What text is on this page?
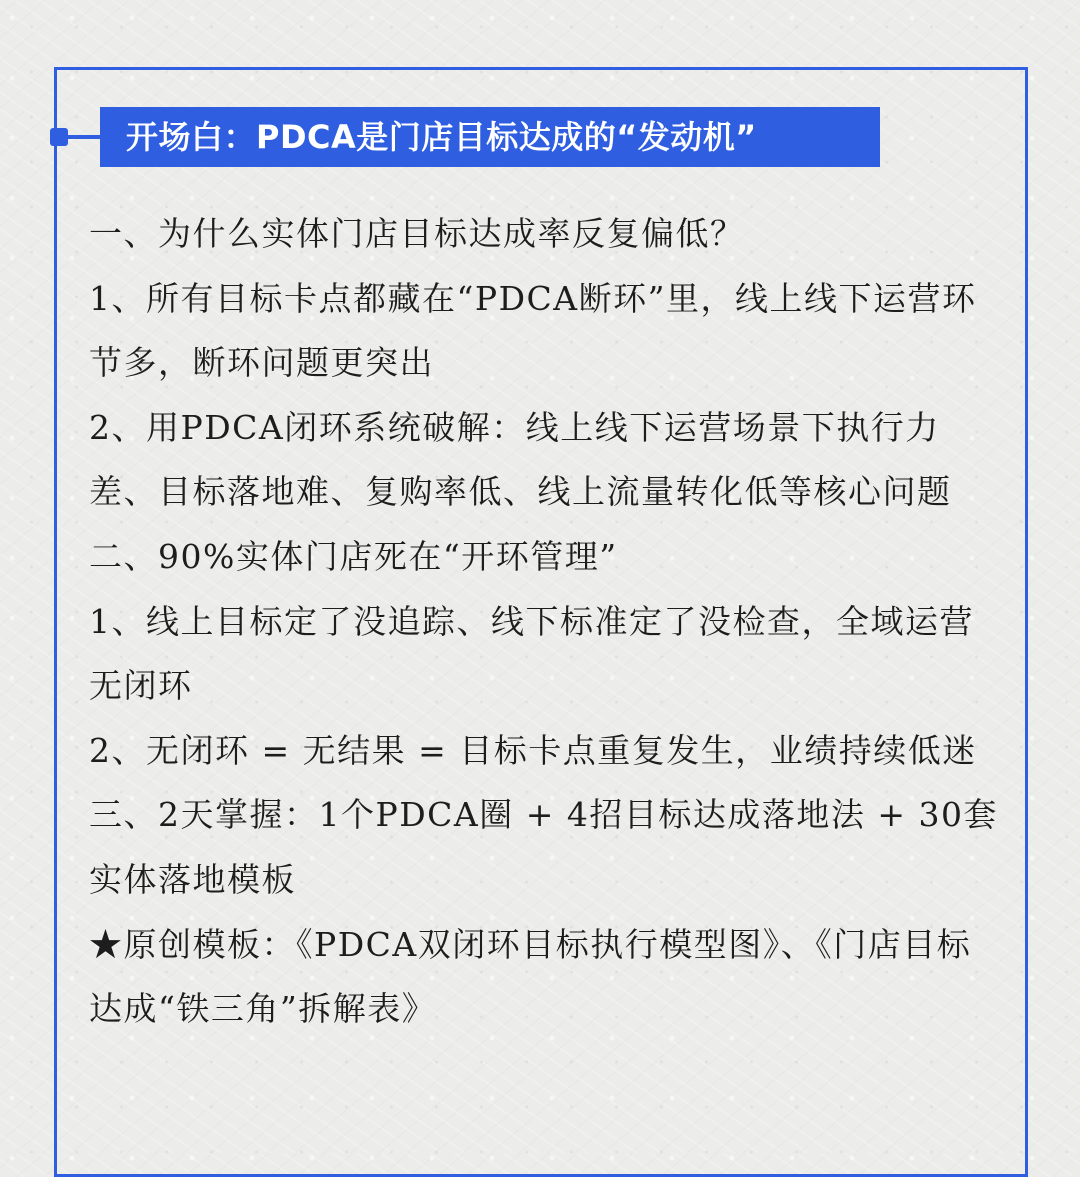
开场白：PDCA是门店目标达成的“发动机”

一、为什么实体门店目标达成率反复偏低？

1、所有目标卡点都藏在“PDCA断环”里，线上线下运营环节多，断环问题更突出

2、用PDCA闭环系统破解：线上线下运营场景下执行力差、目标落地难、复购率低、线上流量转化低等核心问题

二、90%实体门店死在“开环管理”

1、线上目标定了没追踪、线下标准定了没检查，全域运营无闭环

2、无闭环 = 无结果 = 目标卡点重复发生，业绩持续低迷

三、2天掌握：1个PDCA圈 + 4招目标达成落地法 + 30套实体落地模板

★原创模板：《PDCA双闭环目标执行模型图》、《门店目标达成“铁三角”拆解表》
